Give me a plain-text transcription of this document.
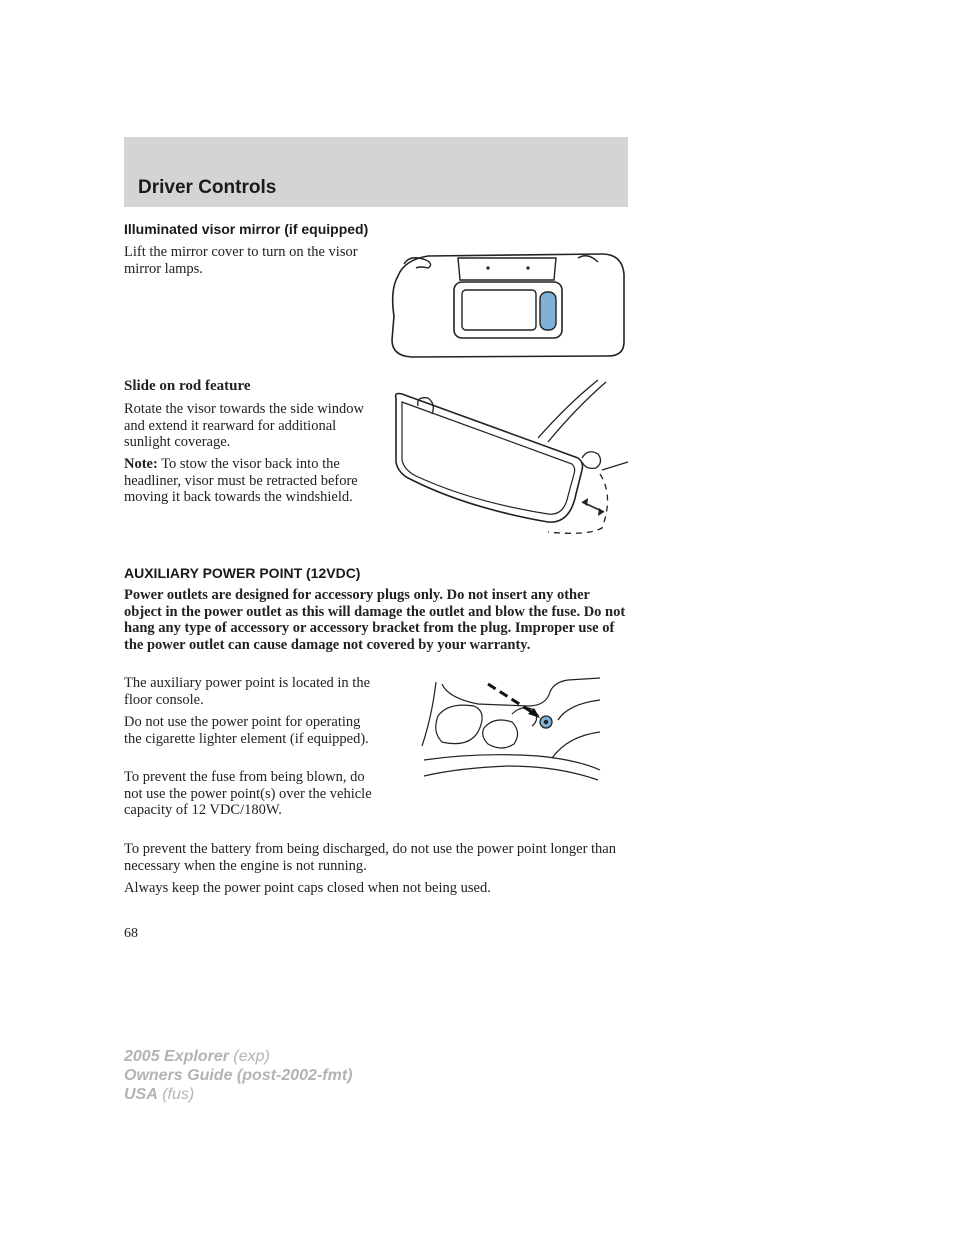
Driver Controls
Illuminated visor mirror (if equipped)

Lift the mirror cover to turn on the visor mirror lamps.

Slide on rod feature

Rotate the visor towards the side window and extend it rearward for additional sunlight coverage.

Note: To stow the visor back into the headliner, visor must be retracted before moving it back towards the windshield.

AUXILIARY POWER POINT (12VDC)

Power outlets are designed for accessory plugs only. Do not insert any other object in the power outlet as this will damage the outlet and blow the fuse. Do not hang any type of accessory or accessory bracket from the plug. Improper use of the power outlet can cause damage not covered by your warranty.

The auxiliary power point is located in the floor console.

Do not use the power point for operating the cigarette lighter element (if equipped).

To prevent the fuse from being blown, do not use the power point(s) over the vehicle capacity of 12 VDC/180W.

To prevent the battery from being discharged, do not use the power point longer than necessary when the engine is not running.

Always keep the power point caps closed when not being used.

68
2005 Explorer (exp)
Owners Guide (post-2002-fmt)
USA (fus)
